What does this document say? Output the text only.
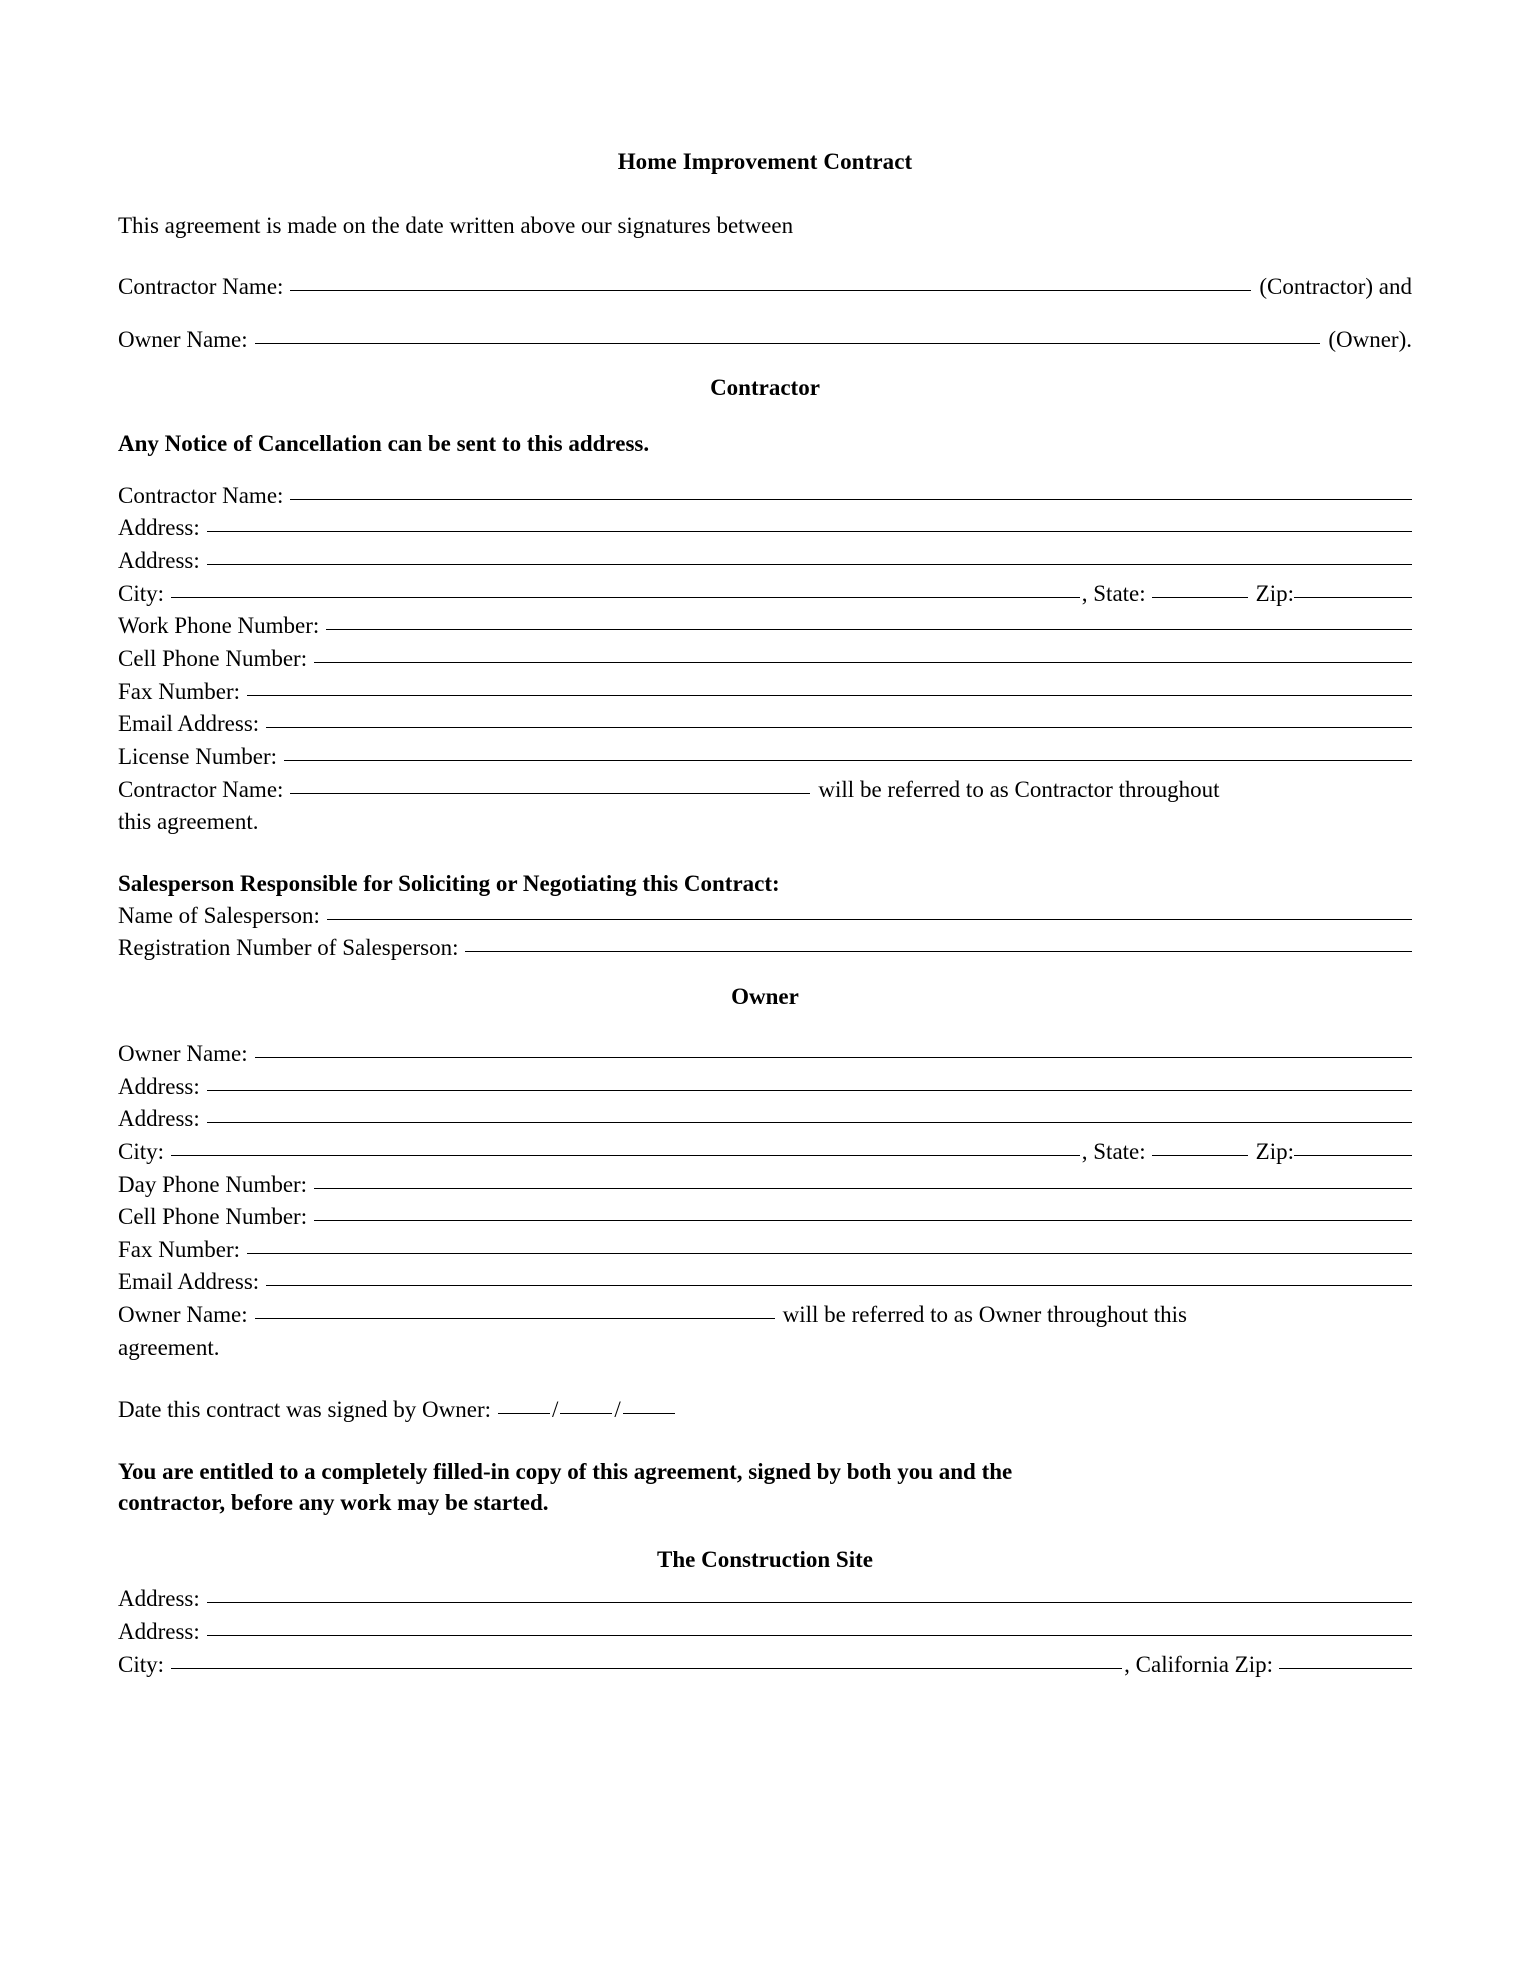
Home Improvement Contract

This agreement is made on the date written above our signatures between

Contractor Name:	(Contractor) and
Owner Name:	(Owner).
Contractor

Any Notice of Cancellation can be sent to this address.

Contractor Name:
Address:
Address:
City:	, State:	Zip:
Work Phone Number:
Cell Phone Number:
Fax Number:
Email Address:
License Number:
Contractor Name:	will be referred to as Contractor throughout
this agreement.

Salesperson Responsible for Soliciting or Negotiating this Contract:

Name of Salesperson:
Registration Number of Salesperson:
Owner
Owner Name:
Address:
Address:
City:	, State:	Zip:
Day Phone Number:
Cell Phone Number:
Fax Number:
Email Address:
Owner Name:	will be referred to as Owner throughout this
agreement.
Date this contract was signed by Owner:	/ /

You are entitled to a completely filled-in copy of this agreement, signed by both you and the

contractor, before any work may be started.

The Construction Site
Address:
Address:
City:	, California Zip:
